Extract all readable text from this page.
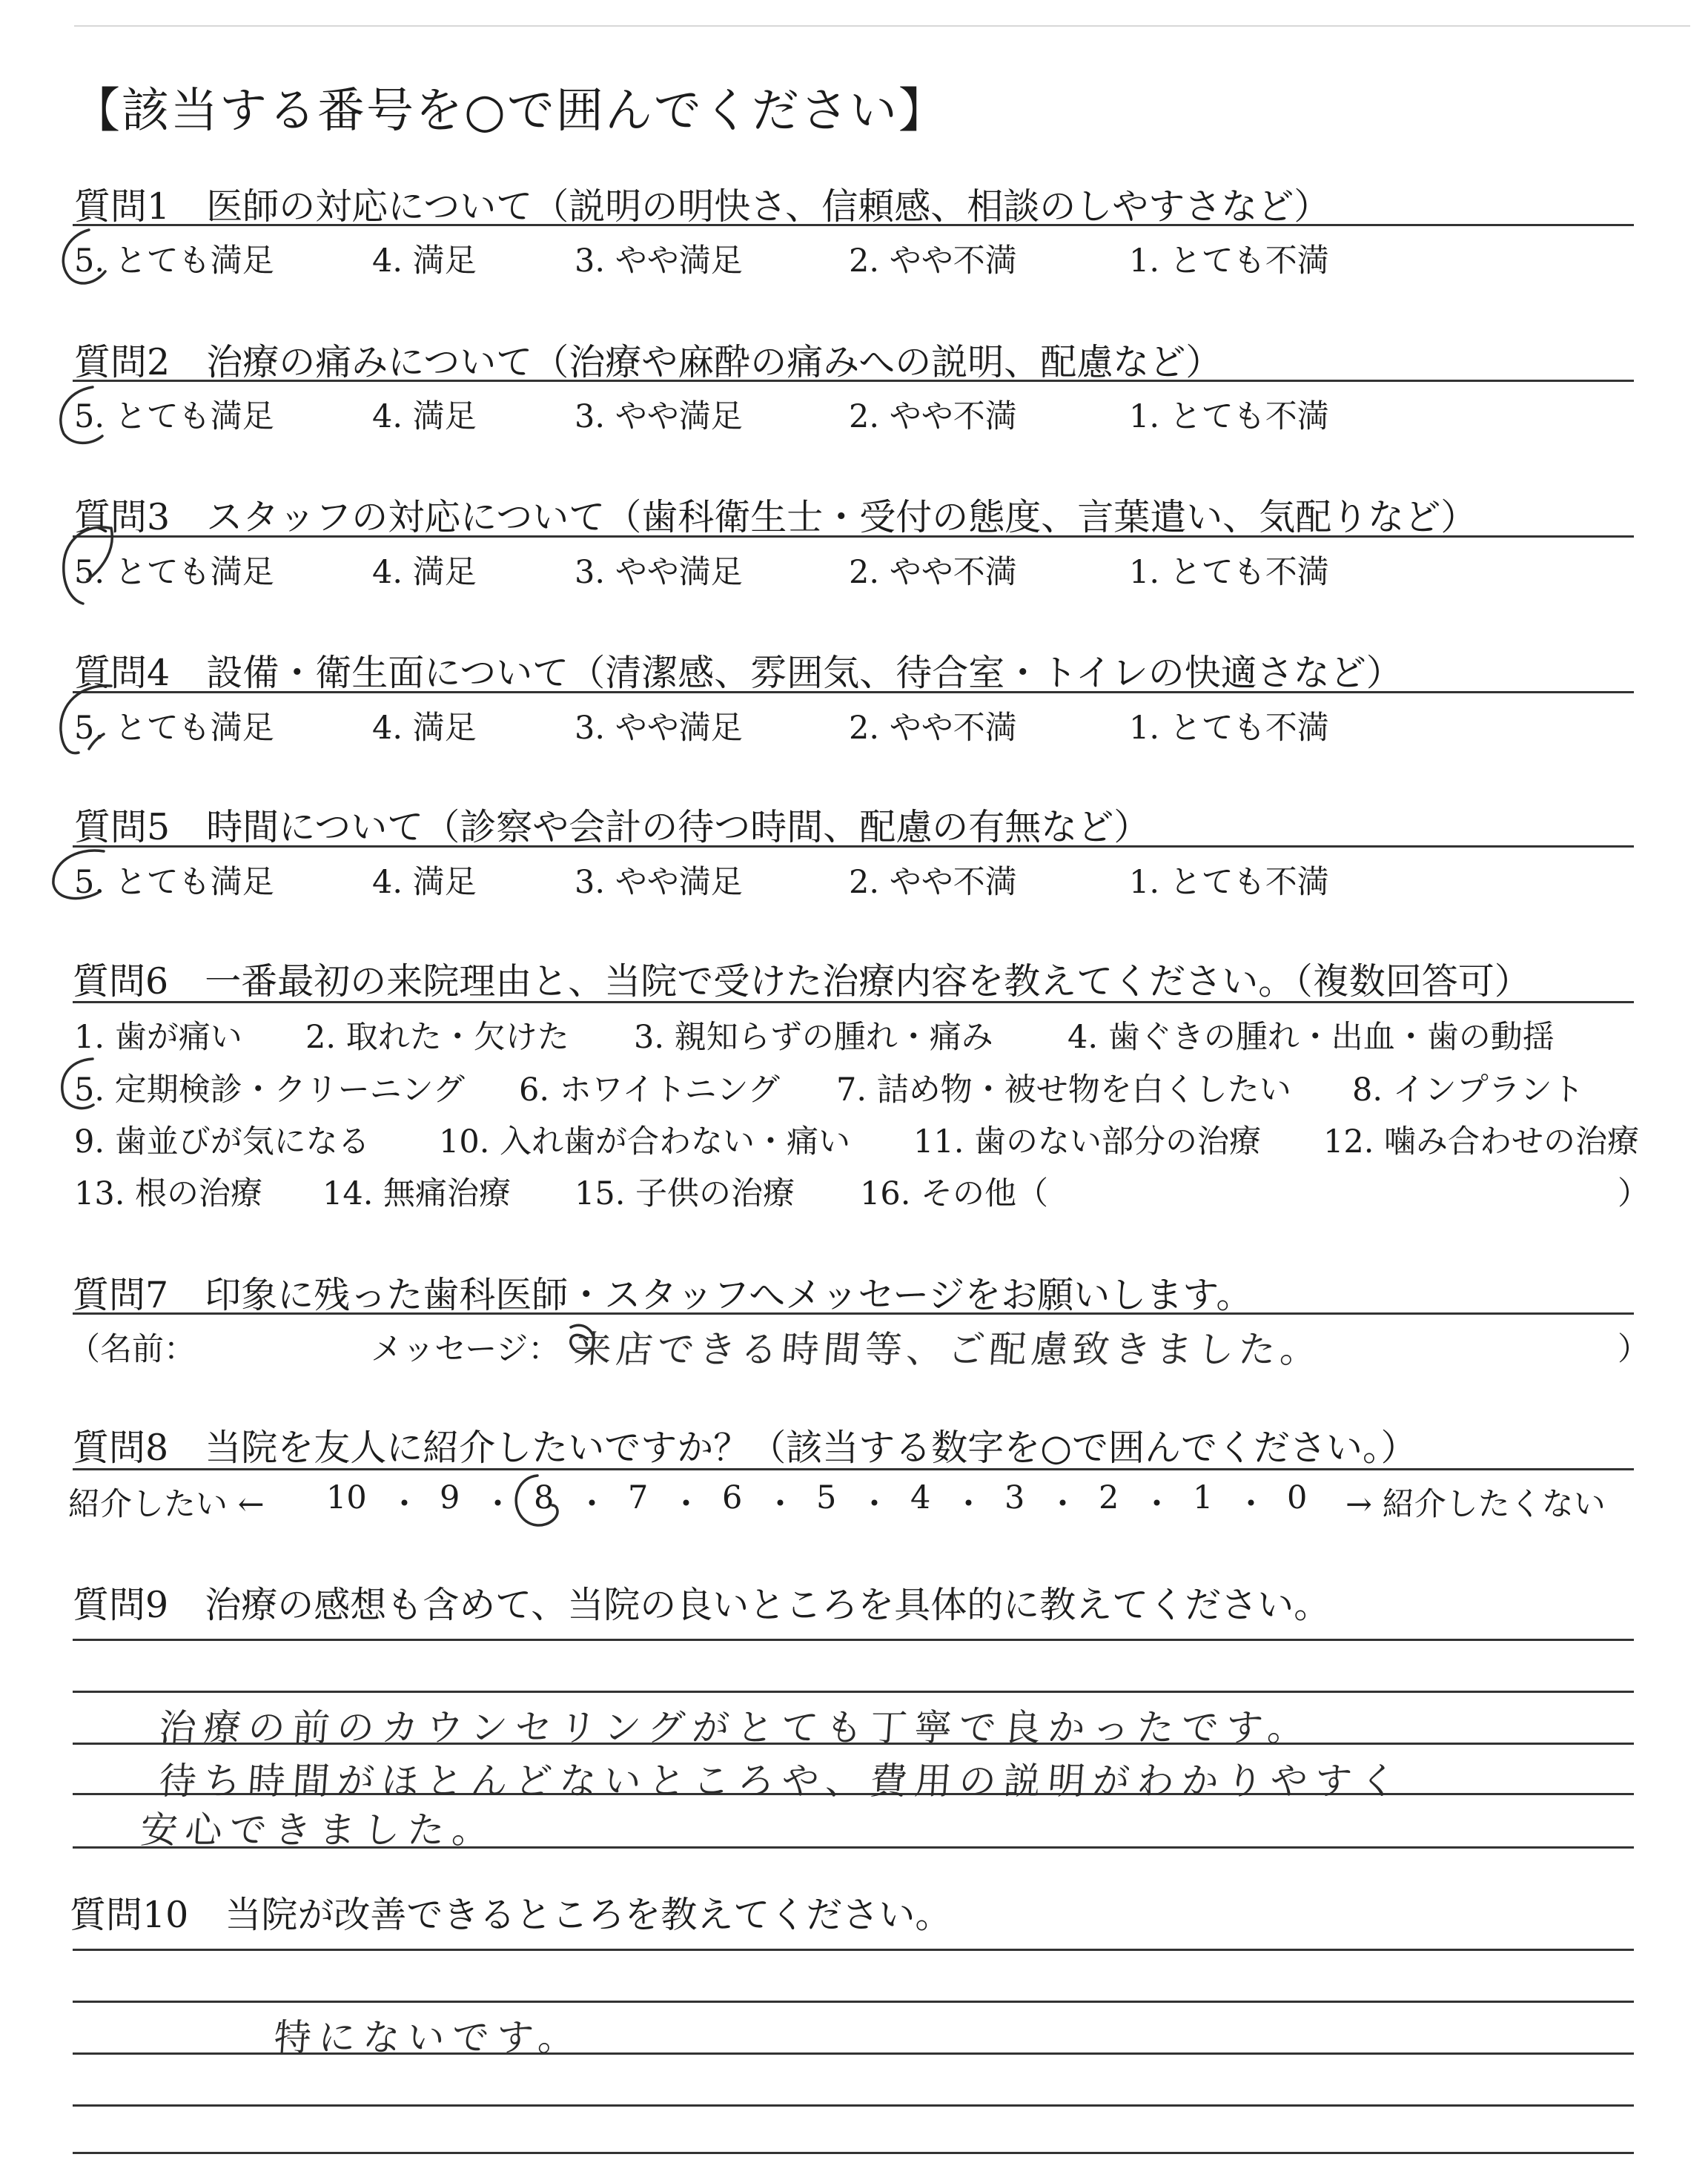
【該当する番号を○で囲んでください】
質問1　 医師の対応について（説明の明快さ、信頼感、相談のしやすさなど）
5. とても満足	4. 満足	3. やや満足	2. やや不満	1. とても不満
質問2　 治療の痛みについて（治療や麻酔の痛みへの説明、配慮など）
5. とても満足	4. 満足	3. やや満足	2. やや不満	1. とても不満
質問3　 スタッフの対応について（歯科衛生士・受付の態度、言葉遣い、気配りなど）
5. とても満足	4. 満足	3. やや満足	2. やや不満	1. とても不満
質問4　 設備・衛生面について（清潔感、雰囲気、待合室・トイレの快適さなど）
5. とても満足	4. 満足	3. やや満足	2. やや不満	1. とても不満
質問5　 時間について（診察や会計の待つ時間、配慮の有無など）
5. とても満足	4. 満足	3. やや満足	2. やや不満	1. とても不満
質問6　 一番最初の来院理由と、当院で受けた治療内容を教えてください。（複数回答可）
1. 歯が痛い 2. 取れた・欠けた 3. 親知らずの腫れ・痛み 4. 歯ぐきの腫れ・出血・歯の動揺
5. 定期検診・クリーニング 6. ホワイトニング 7. 詰め物・被せ物を白くしたい 8. インプラント
9. 歯並びが気になる 10. 入れ歯が合わない・痛い 11. 歯のない部分の治療 12. 噛み合わせの治療
13. 根の治療 14. 無痛治療 15. 子供の治療 16. その他（	）
質問7　 印象に残った歯科医師・スタッフへメッセージをお願いします。
（名前：	メッセージ： 来店できる時間等、ご配慮致きました。	）
質問8　 当院を友人に紹介したいですか？（該当する数字を○で囲んでください。）
紹介したい ← 10 ・ 9 ・ 8 ・ 7 ・ 6 ・ 5 ・ 4 ・ 3 ・ 2 ・ 1 ・ 0 → 紹介したくない
質問9　 治療の感想も含めて、当院の良いところを具体的に教えてください。
治療の前のカウンセリングがとても丁寧で良かったです。
待ち時間がほとんどないところや、費用の説明がわかりやすく
安心できました。
質問10　 当院が改善できるところを教えてください。
特にないです。
